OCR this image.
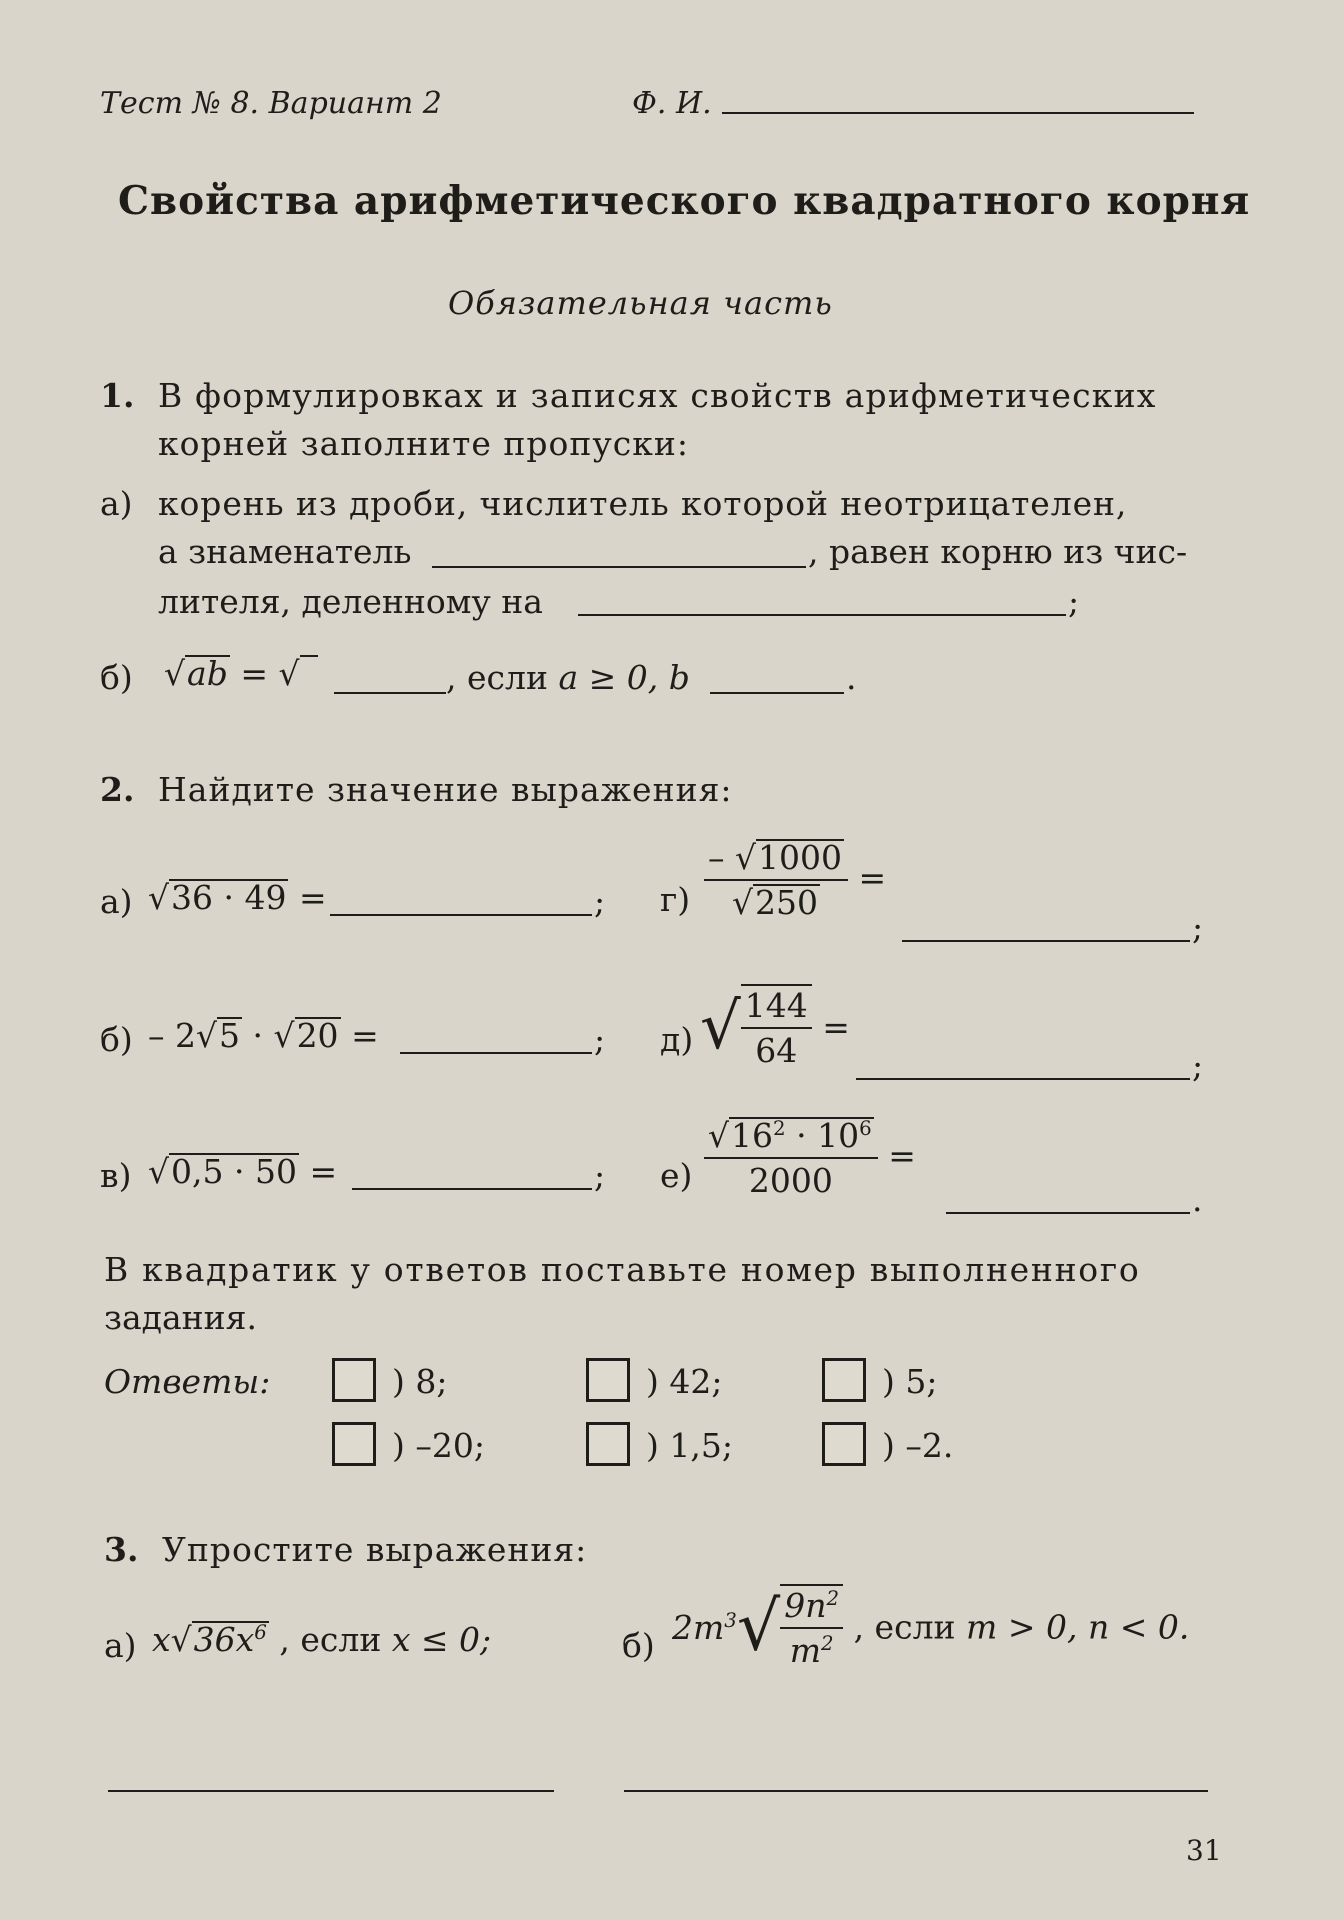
Тест № 8. Вариант 2	Ф. И.
Свойства арифметического квадратного корня
Обязательная часть
1. В формулировках и записях свойств арифметических
корней заполните пропуски:
а) корень из дроби, числитель которой неотрицателен,
а знаменатель	, равен корню из чис-
лителя, деленному на	;
б) √ab = √	, если a ≥ 0, b	.
2. Найдите значение выражения:
а) √36 · 49 =	;
б) – 2√5 · √20 =	;
в) √0,5 · 50 =	;
$г) \frac{- √1000}{√250}$ =
;
д) √ $\frac{144}{64}$ =
;
$е) \frac{√16^2 \cdot 10^6}{2000}$ =
.
В квадратик у ответов поставьте номер выполненного
задания.
Ответы:	) 8;	) 42;	) 5;
) –20;	) 1,5;	) –2.
3. Упростите выражения:
а) $x√36x^6$ , если x ≤ 0;	б) $2m^3√ \frac{9n^2}{m^2}$ , если m > 0, n < 0.
31
